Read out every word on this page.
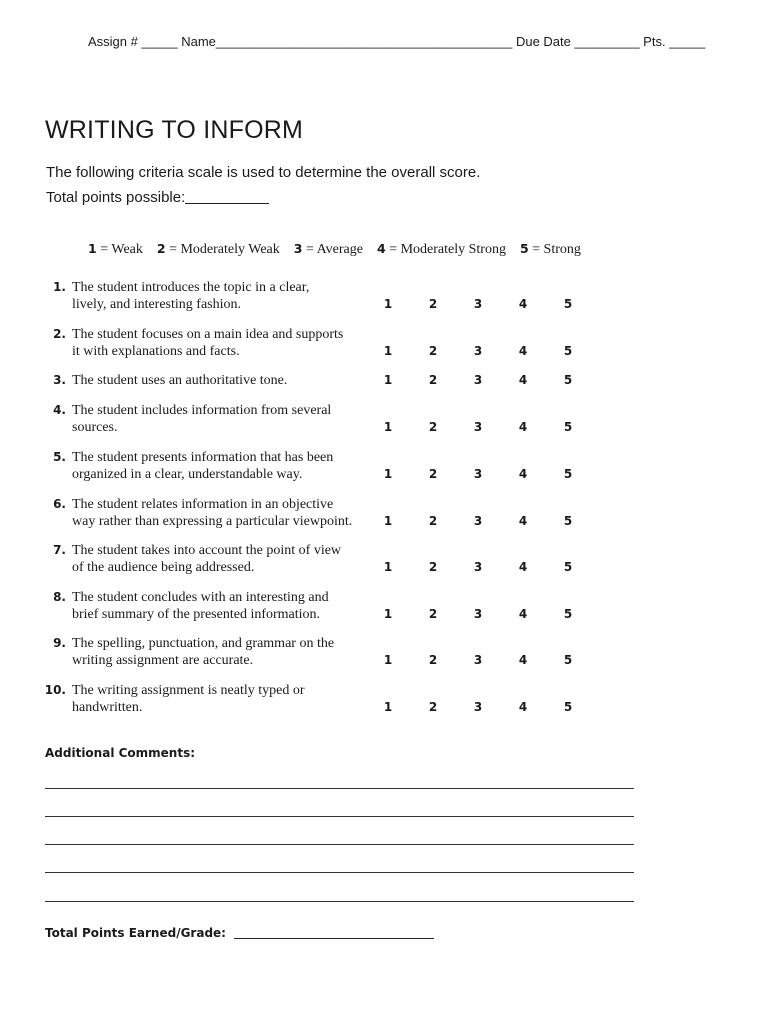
Assign # _____ Name_________________________________________ Due Date _________ Pts. _____
WRITING TO INFORM
The following criteria scale is used to determine the overall score.
Total points possible:
1 = Weak 2 = Moderately Weak 3 = Average 4 = Moderately Strong 5 = Strong
1. The student introduces the topic in a clear,
lively, and interesting fashion.	1	2	3	4	5
2. The student focuses on a main idea and supports
it with explanations and facts.	1	2	3	4	5
3. The student uses an authoritative tone.	1	2	3	4	5
4. The student includes information from several
sources.	1	2	3	4	5
5. The student presents information that has been
organized in a clear, understandable way.	1	2	3	4	5
6. The student relates information in an objective
way rather than expressing a particular viewpoint.	1	2	3	4	5
7. The student takes into account the point of view
of the audience being addressed.	1	2	3	4	5
8. The student concludes with an interesting and
brief summary of the presented information.	1	2	3	4	5
9. The spelling, punctuation, and grammar on the
writing assignment are accurate.	1	2	3	4	5
10. The writing assignment is neatly typed or
handwritten.	1	2	3	4	5
Additional Comments:
Total Points Earned/Grade:
